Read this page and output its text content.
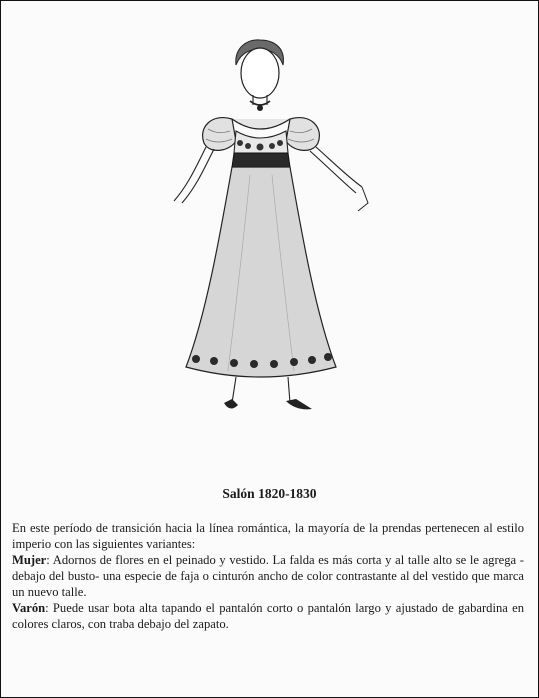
Salón 1820-1830

En este período de transición hacia la línea romántica, la mayoría de la prendas pertenecen al estilo imperio con las siguientes variantes:

Mujer: Adornos de flores en el peinado y vestido. La falda es más corta y al talle alto se le agrega -debajo del busto- una especie de faja o cinturón ancho de color contrastante al del vestido que marca un nuevo talle.

Varón: Puede usar bota alta tapando el pantalón corto o pantalón largo y ajustado de gabardina en colores claros, con traba debajo del zapato.
